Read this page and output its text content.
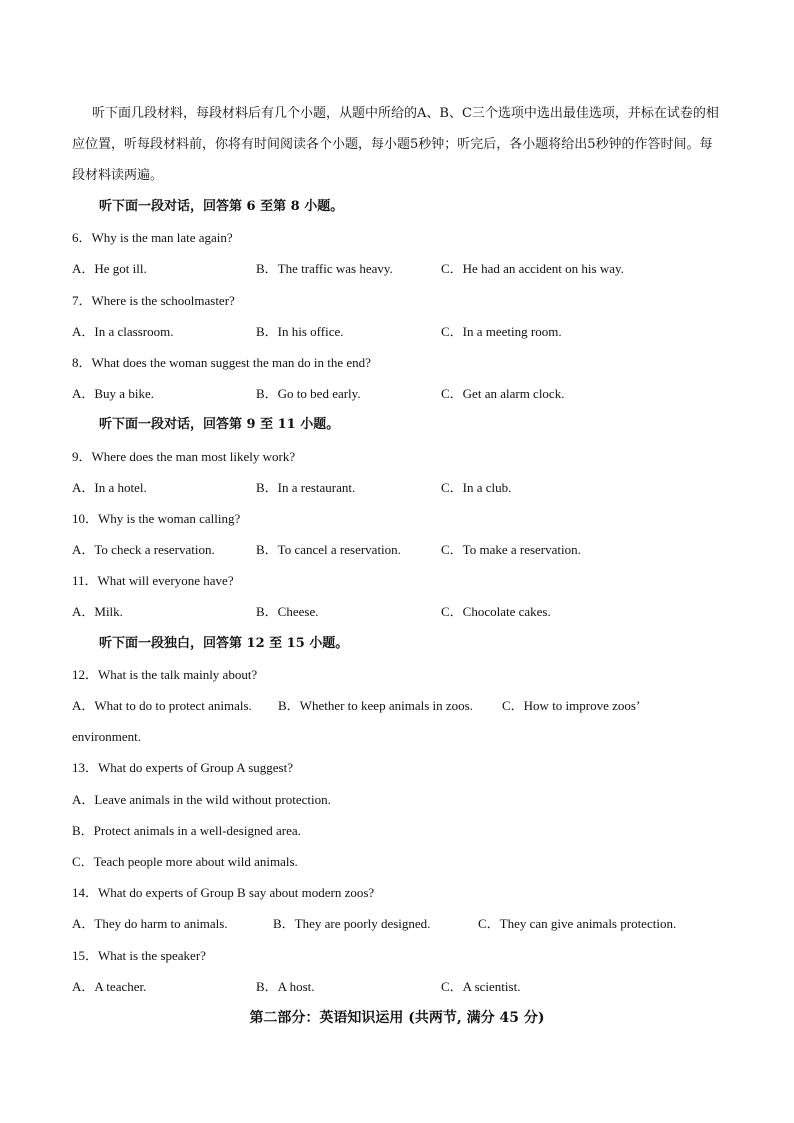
听下面几段材料，每段材料后有几个小题，从题中所给的A、B、C三个选项中选出最佳选项，并标在试卷的相应位置，听每段材料前，你将有时间阅读各个小题，每小题5秒钟；听完后，各小题将给出5秒钟的作答时间。每段材料读两遍。

听下面一段对话，回答第 6 至第 8 小题。
6．Why is the man late again?
A．He got ill.	B．The traffic was heavy.	C．He had an accident on his way.
7．Where is the schoolmaster?
A．In a classroom.	B．In his office.	C．In a meeting room.
8．What does the woman suggest the man do in the end?
A．Buy a bike.	B．Go to bed early.	C．Get an alarm clock.
听下面一段对话，回答第 9 至 11 小题。
9．Where does the man most likely work?
A．In a hotel.	B．In a restaurant.	C．In a club.
10．Why is the woman calling?
A．To check a reservation.	B．To cancel a reservation.	C．To make a reservation.
11．What will everyone have?
A．Milk.	B．Cheese.	C．Chocolate cakes.
听下面一段独白，回答第 12 至 15 小题。
12．What is the talk mainly about?
A．What to do to protect animals. B．Whether to keep animals in zoos. C．How to improve zoos’
environment.
13．What do experts of Group A suggest?
A．Leave animals in the wild without protection.
B．Protect animals in a well-designed area.
C．Teach people more about wild animals.
14．What do experts of Group B say about modern zoos?
A．They do harm to animals.	B．They are poorly designed.	C．They can give animals protection.
15．What is the speaker?
A．A teacher.	B．A host.	C．A scientist.
第二部分：英语知识运用 (共两节, 满分 45 分)
